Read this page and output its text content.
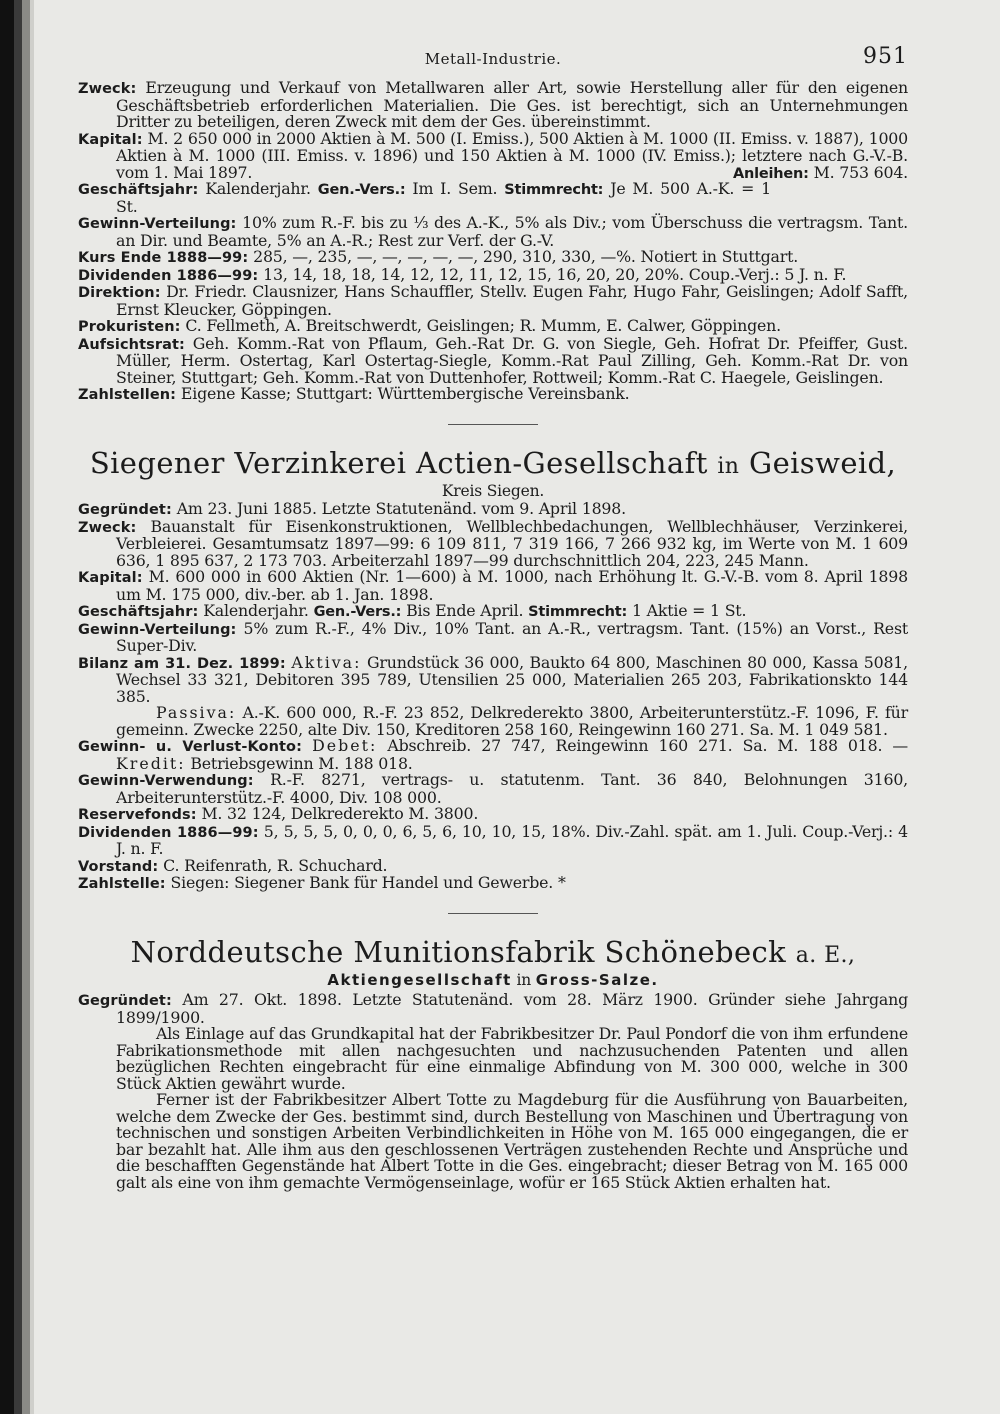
Metall-Industrie.	951

Zweck: Erzeugung und Verkauf von Metallwaren aller Art, sowie Herstellung aller für den eigenen Geschäftsbetrieb erforderlichen Materialien. Die Ges. ist berechtigt, sich an Unternehmungen Dritter zu beteiligen, deren Zweck mit dem der Ges. übereinstimmt.

Kapital: M. 2 650 000 in 2000 Aktien à M. 500 (I. Emiss.), 500 Aktien à M. 1000 (II. Emiss. v. 1887), 1000 Aktien à M. 1000 (III. Emiss. v. 1896) und 150 Aktien à M. 1000 (IV. Emiss.); letztere nach G.-V.-B. vom 1. Mai 1897.	Anleihen: M. 753 604.

Geschäftsjahr: Kalenderjahr. Gen.-Vers.: Im I. Sem. Stimmrecht: Je M. 500 A.-K. = 1 St.

Gewinn-Verteilung: 10% zum R.-F. bis zu ⅓ des A.-K., 5% als Div.; vom Überschuss die vertragsm. Tant. an Dir. und Beamte, 5% an A.-R.; Rest zur Verf. der G.-V.

Kurs Ende 1888—99: 285, —, 235, —, —, —, —, —, 290, 310, 330, —%. Notiert in Stuttgart.

Dividenden 1886—99: 13, 14, 18, 18, 14, 12, 12, 11, 12, 15, 16, 20, 20, 20%. Coup.-Verj.: 5 J. n. F.

Direktion: Dr. Friedr. Clausnizer, Hans Schauffler, Stellv. Eugen Fahr, Hugo Fahr, Geislingen; Adolf Safft, Ernst Kleucker, Göppingen.

Prokuristen: C. Fellmeth, A. Breitschwerdt, Geislingen; R. Mumm, E. Calwer, Göppingen.

Aufsichtsrat: Geh. Komm.-Rat von Pflaum, Geh.-Rat Dr. G. von Siegle, Geh. Hofrat Dr. Pfeiffer, Gust. Müller, Herm. Ostertag, Karl Ostertag-Siegle, Komm.-Rat Paul Zilling, Geh. Komm.-Rat Dr. von Steiner, Stuttgart; Geh. Komm.-Rat von Duttenhofer, Rottweil; Komm.-Rat C. Haegele, Geislingen.

Zahlstellen: Eigene Kasse; Stuttgart: Württembergische Vereinsbank.

Siegener Verzinkerei Actien-Gesellschaft in Geisweid,

Kreis Siegen.

Gegründet: Am 23. Juni 1885. Letzte Statutenänd. vom 9. April 1898.

Zweck: Bauanstalt für Eisenkonstruktionen, Wellblechbedachungen, Wellblechhäuser, Verzinkerei, Verbleierei. Gesamtumsatz 1897—99: 6 109 811, 7 319 166, 7 266 932 kg, im Werte von M. 1 609 636, 1 895 637, 2 173 703. Arbeiterzahl 1897—99 durchschnittlich 204, 223, 245 Mann.

Kapital: M. 600 000 in 600 Aktien (Nr. 1—600) à M. 1000, nach Erhöhung lt. G.-V.-B. vom 8. April 1898 um M. 175 000, div.-ber. ab 1. Jan. 1898.

Geschäftsjahr: Kalenderjahr. Gen.-Vers.: Bis Ende April. Stimmrecht: 1 Aktie = 1 St.

Gewinn-Verteilung: 5% zum R.-F., 4% Div., 10% Tant. an A.-R., vertragsm. Tant. (15%) an Vorst., Rest Super-Div.

Bilanz am 31. Dez. 1899: Aktiva: Grundstück 36 000, Baukto 64 800, Maschinen 80 000, Kassa 5081, Wechsel 33 321, Debitoren 395 789, Utensilien 25 000, Materialien 265 203, Fabrikationskto 144 385.

Passiva: A.-K. 600 000, R.-F. 23 852, Delkrederekto 3800, Arbeiterunterstütz.-F. 1096, F. für gemeinn. Zwecke 2250, alte Div. 150, Kreditoren 258 160, Reingewinn 160 271. Sa. M. 1 049 581.

Gewinn- u. Verlust-Konto: Debet: Abschreib. 27 747, Reingewinn 160 271. Sa. M. 188 018. — Kredit: Betriebsgewinn M. 188 018.

Gewinn-Verwendung: R.-F. 8271, vertrags- u. statutenm. Tant. 36 840, Belohnungen 3160, Arbeiterunterstütz.-F. 4000, Div. 108 000.

Reservefonds: M. 32 124, Delkrederekto M. 3800.

Dividenden 1886—99: 5, 5, 5, 5, 0, 0, 0, 6, 5, 6, 10, 10, 15, 18%. Div.-Zahl. spät. am 1. Juli. Coup.-Verj.: 4 J. n. F.

Vorstand: C. Reifenrath, R. Schuchard.

Zahlstelle: Siegen: Siegener Bank für Handel und Gewerbe. *

Norddeutsche Munitionsfabrik Schönebeck a. E.,

Aktiengesellschaft in Gross-Salze.

Gegründet: Am 27. Okt. 1898. Letzte Statutenänd. vom 28. März 1900. Gründer siehe Jahrgang 1899/1900.

Als Einlage auf das Grundkapital hat der Fabrikbesitzer Dr. Paul Pondorf die von ihm erfundene Fabrikationsmethode mit allen nachgesuchten und nachzusuchenden Patenten und allen bezüglichen Rechten eingebracht für eine einmalige Abfindung von M. 300 000, welche in 300 Stück Aktien gewährt wurde.

Ferner ist der Fabrikbesitzer Albert Totte zu Magdeburg für die Ausführung von Bauarbeiten, welche dem Zwecke der Ges. bestimmt sind, durch Bestellung von Maschinen und Übertragung von technischen und sonstigen Arbeiten Verbindlichkeiten in Höhe von M. 165 000 eingegangen, die er bar bezahlt hat. Alle ihm aus den geschlossenen Verträgen zustehenden Rechte und Ansprüche und die beschafften Gegenstände hat Albert Totte in die Ges. eingebracht; dieser Betrag von M. 165 000 galt als eine von ihm gemachte Vermögenseinlage, wofür er 165 Stück Aktien erhalten hat.
